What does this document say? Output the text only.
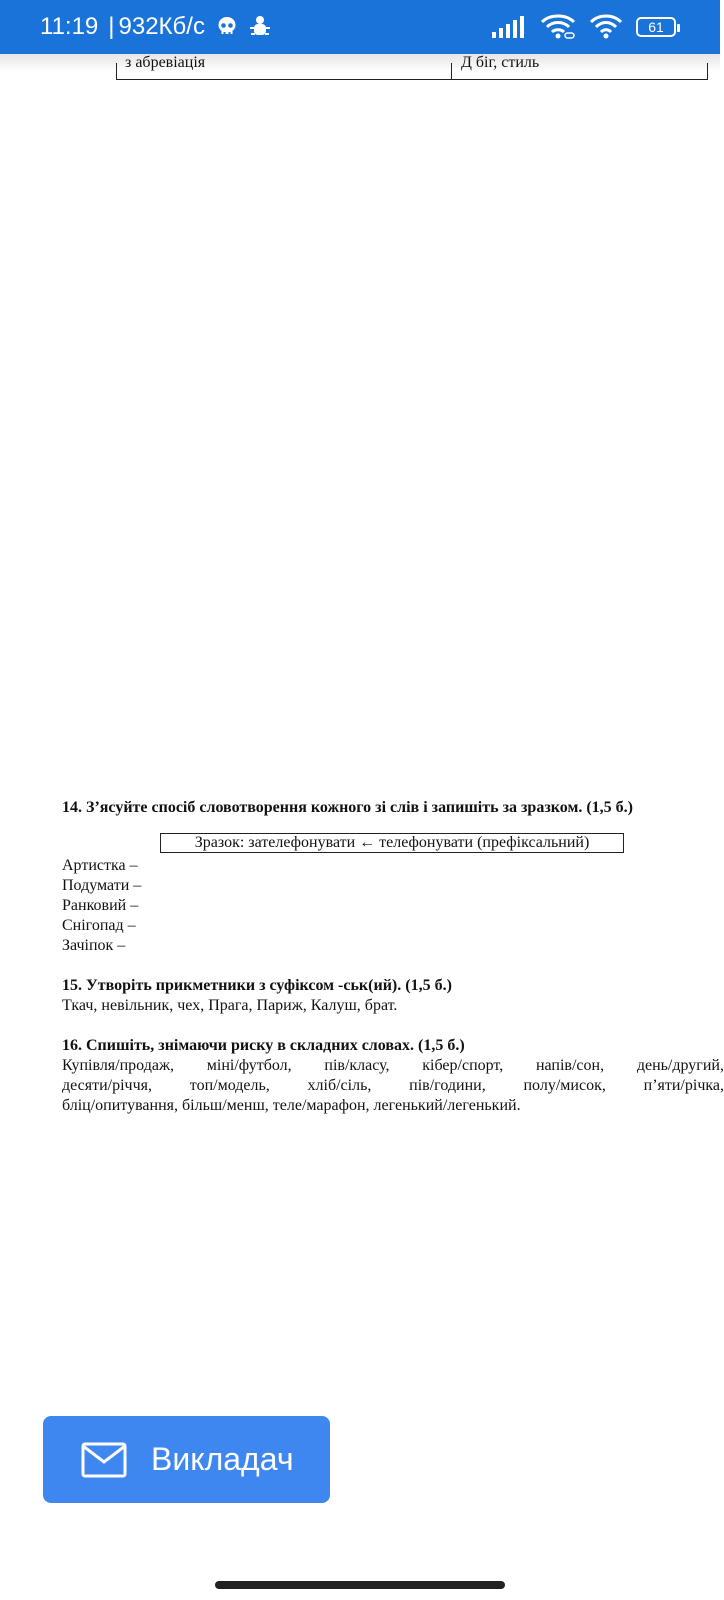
11:19 | 932Кб/с	61
з абревіація	Д біг, стиль
14. З’ясуйте спосіб словотворення кожного зі слів і запишіть за зразком. (1,5 б.)
Зразок: зателефонувати ← телефонувати (префіксальний)
Артистка –
Подумати –
Ранковий –
Снігопад –
Зачіпок –
15. Утворіть прикметники з суфіксом -ськ(ий). (1,5 б.)
Ткач, невільник, чех, Прага, Париж, Калуш, брат.
16. Спишіть, знімаючи риску в складних словах. (1,5 б.)
Купівля/продаж, міні/футбол, пів/класу, кібер/спорт, напів/сон, день/другий,
десяти/річчя, топ/модель, хліб/сіль, пів/години, полу/мисок, п’яти/річка,
бліц/опитування, більш/менш, теле/марафон, легенький/легенький.
Викладач
